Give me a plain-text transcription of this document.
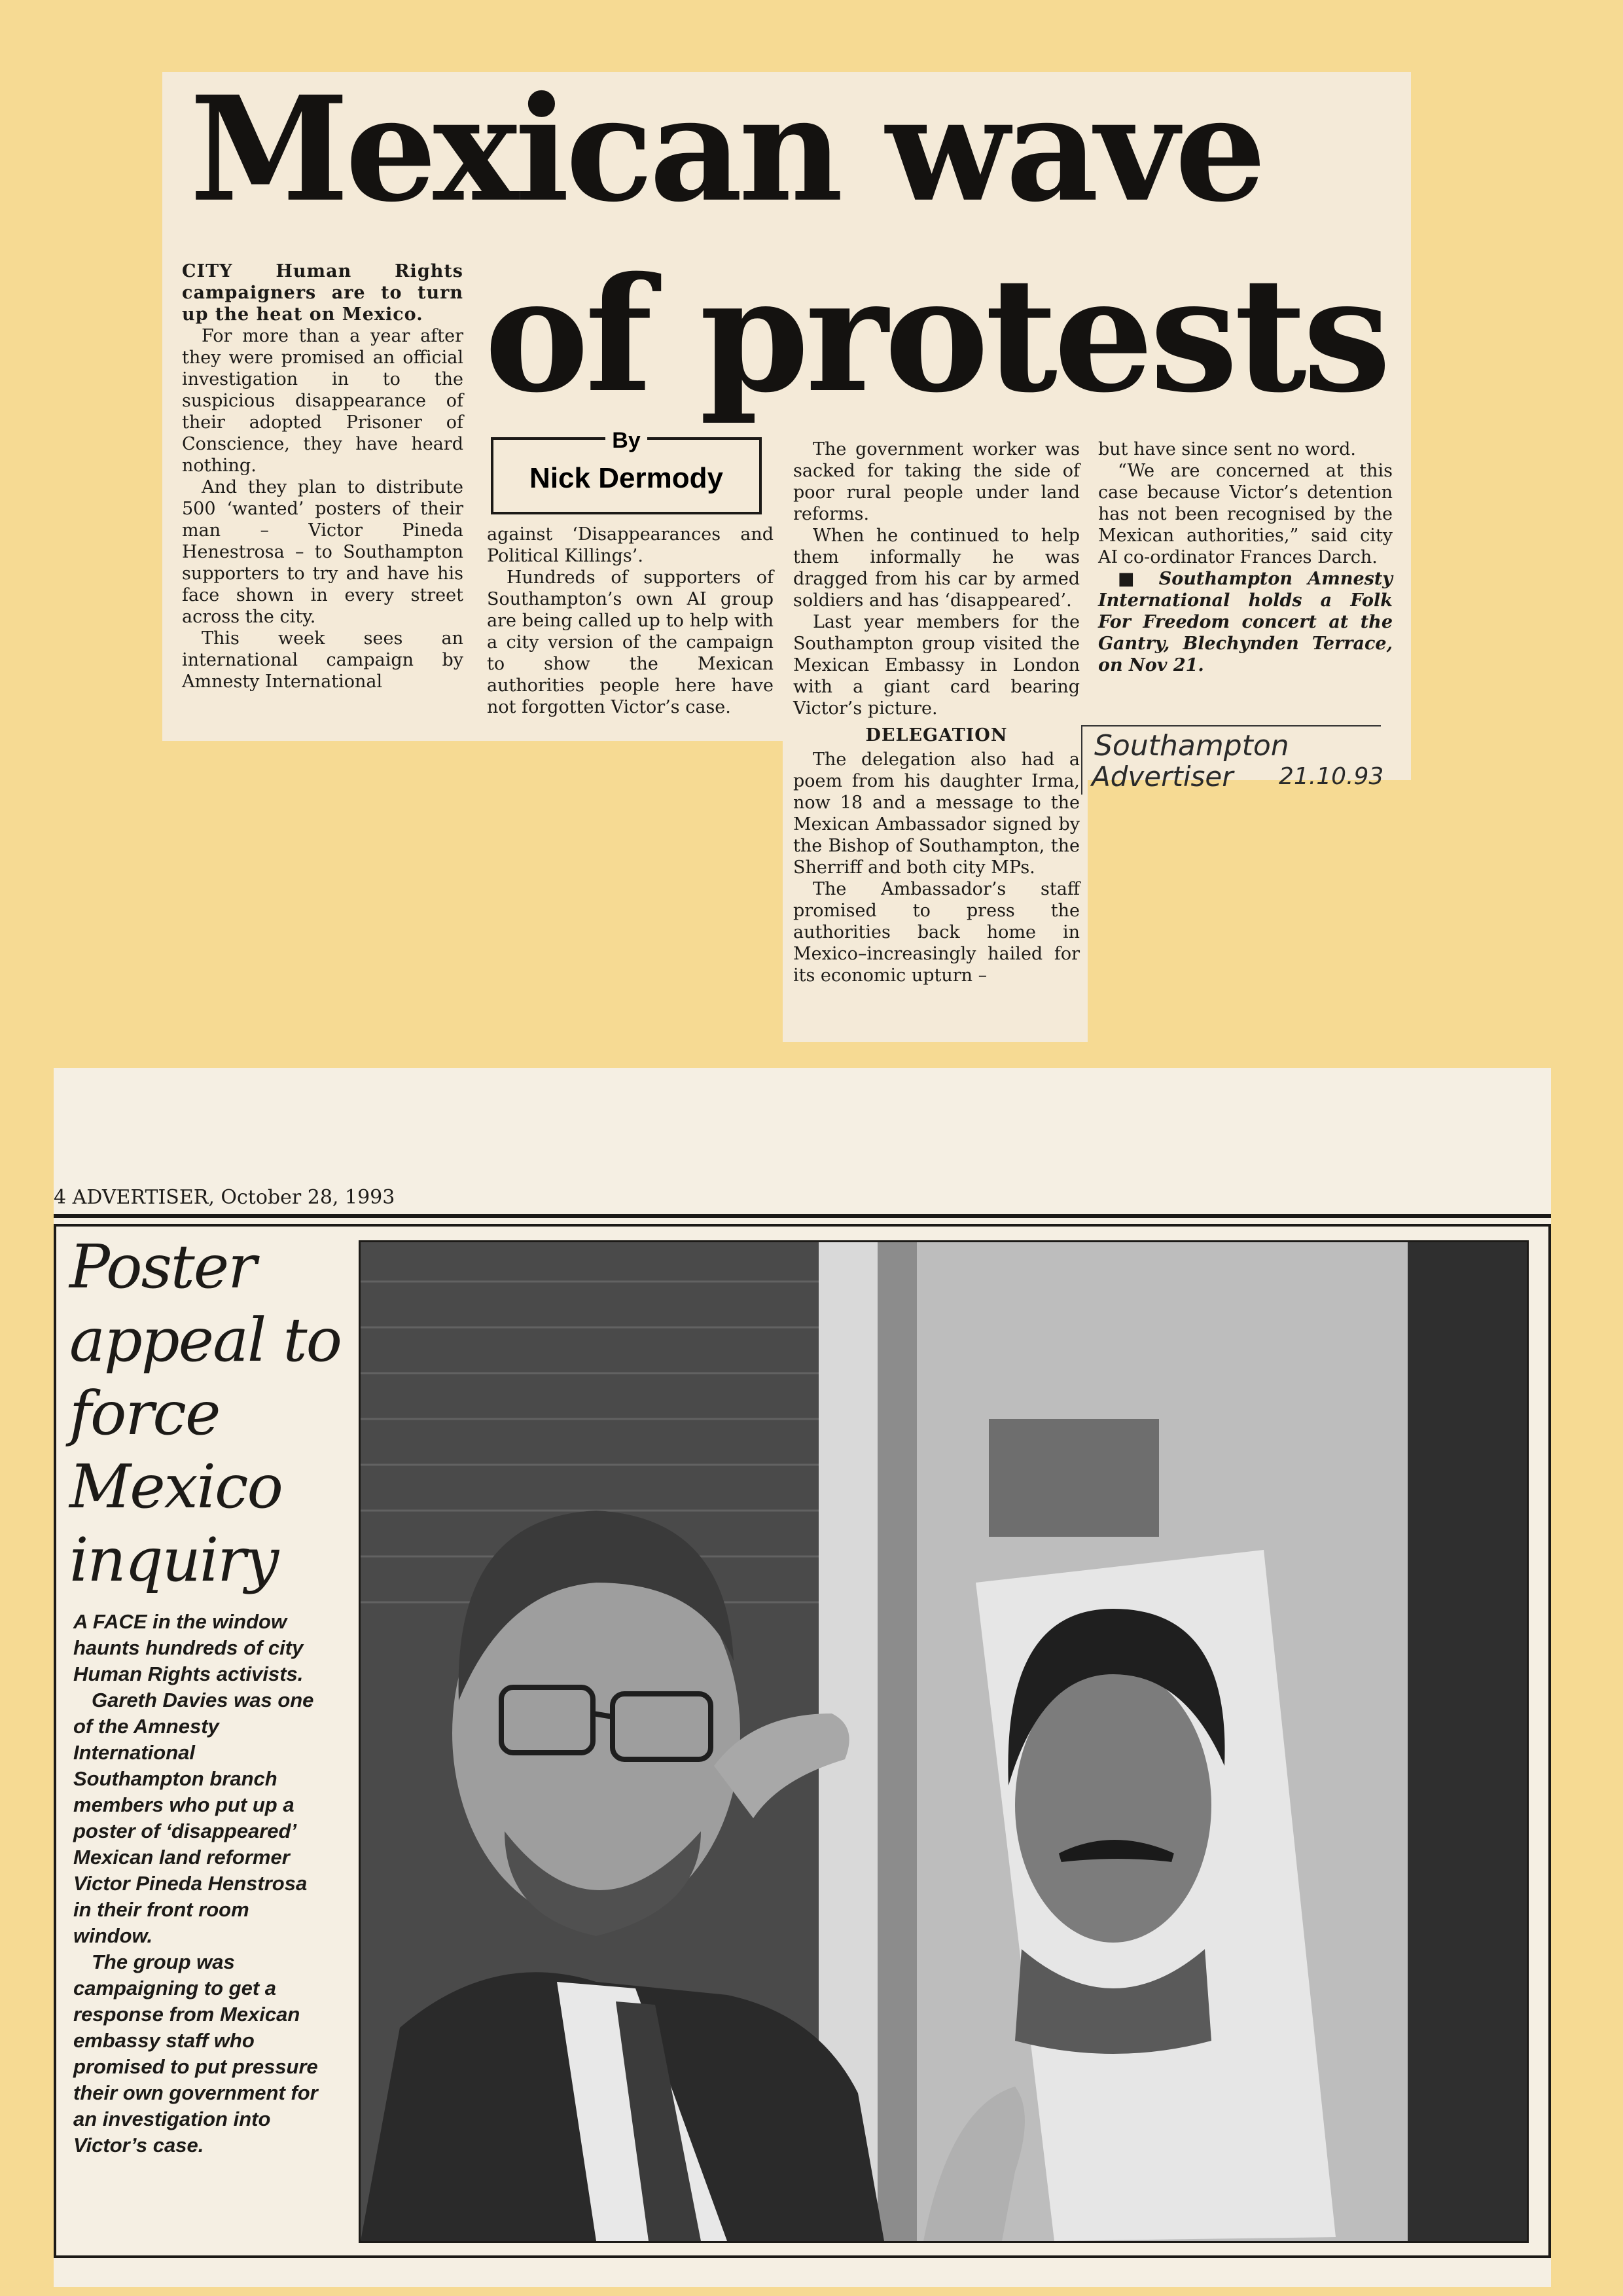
Mexican wave
of protests

CITY Human Rights campaigners are to turn up the heat on Mexico.

For more than a year after they were promised an official investigation in to the suspicious disappearance of their adopted Prisoner of Conscience, they have heard nothing.

And they plan to distribute 500 ‘wanted’ posters of their man – Victor Pineda Henestrosa – to Southampton supporters to try and have his face shown in every street across the city.

This week sees an international campaign by Amnesty International

By
Nick Dermody

against ‘Disappearances and Political Killings’.

Hundreds of supporters of Southampton’s own AI group are being called up to help with a city version of the campaign to show the Mexican authorities people here have not forgotten Victor’s case.

The government worker was sacked for taking the side of poor rural people under land reforms.

When he continued to help them informally he was dragged from his car by armed soldiers and has ‘disappeared’.

Last year members for the Southampton group visited the Mexican Embassy in London with a giant card bearing Victor’s picture.

DELEGATION

The delegation also had a poem from his daughter Irma, now 18 and a message to the Mexican Ambassador signed by the Bishop of Southampton, the Sherriff and both city MPs.

The Ambassador’s staff promised to press the authorities back home in Mexico–increasingly hailed for its economic upturn –

but have since sent no word.

“We are concerned at this case because Victor’s detention has not been recognised by the Mexican authorities,” said city AI co-ordinator Frances Darch.

■ Southampton Amnesty International holds a Folk For Freedom concert at the Gantry, Blechynden Terrace, on Nov 21.

Southampton
Advertiser 21.10.93
4 ADVERTISER, October 28, 1993
Poster appeal to force Mexico inquiry

A FACE in the window haunts hundreds of city Human Rights activists.

Gareth Davies was one of the Amnesty International Southampton branch members who put up a poster of ‘disappeared’ Mexican land reformer Victor Pineda Henstrosa in their front room window.

The group was campaigning to get a response from Mexican embassy staff who promised to put pressure their own government for an investigation into Victor’s case.
